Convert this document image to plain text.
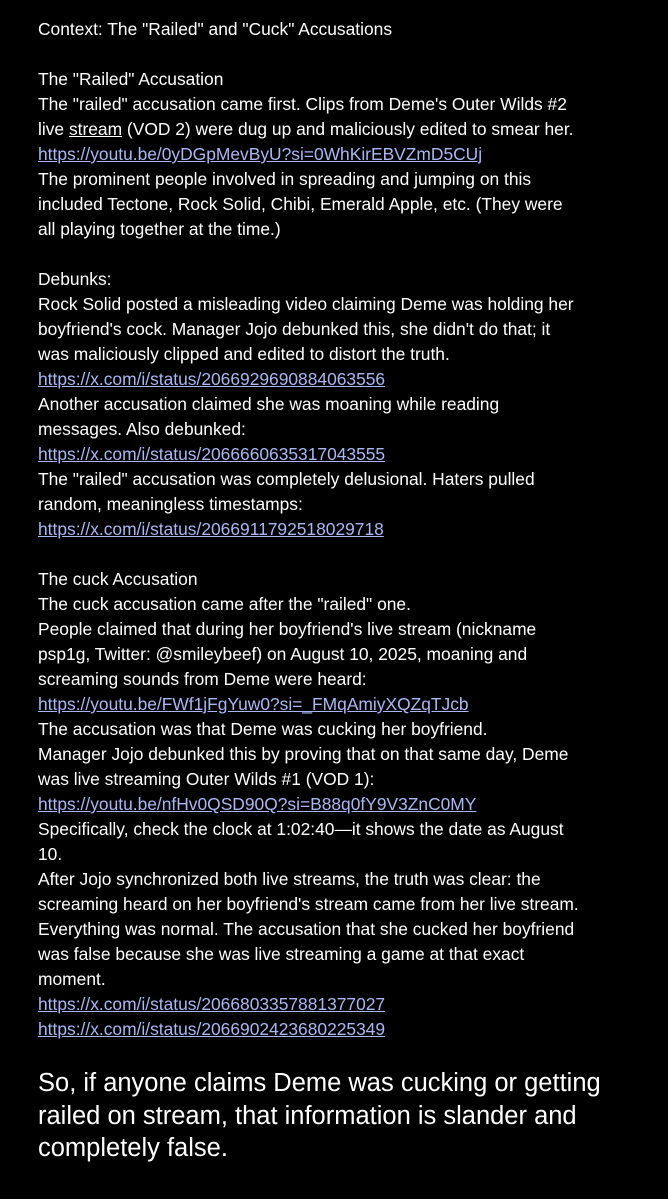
Context: The "Railed" and "Cuck" Accusations
The "Railed" Accusation
The "railed" accusation came first. Clips from Deme's Outer Wilds #2
live stream (VOD 2) were dug up and maliciously edited to smear her.
https://youtu.be/0yDGpMevByU?si=0WhKirEBVZmD5CUj
The prominent people involved in spreading and jumping on this
included Tectone, Rock Solid, Chibi, Emerald Apple, etc. (They were
all playing together at the time.)
Debunks:
Rock Solid posted a misleading video claiming Deme was holding her
boyfriend's cock. Manager Jojo debunked this, she didn't do that; it
was maliciously clipped and edited to distort the truth.
https://x.com/i/status/2066929690884063556
Another accusation claimed she was moaning while reading
messages. Also debunked:
https://x.com/i/status/2066660635317043555
The "railed" accusation was completely delusional. Haters pulled
random, meaningless timestamps:
https://x.com/i/status/2066911792518029718
The cuck Accusation
The cuck accusation came after the "railed" one.
People claimed that during her boyfriend's live stream (nickname
psp1g, Twitter: @smileybeef) on August 10, 2025, moaning and
screaming sounds from Deme were heard:
https://youtu.be/FWf1jFgYuw0?si=_FMqAmiyXQZqTJcb
The accusation was that Deme was cucking her boyfriend.
Manager Jojo debunked this by proving that on that same day, Deme
was live streaming Outer Wilds #1 (VOD 1):
https://youtu.be/nfHv0QSD90Q?si=B88q0fY9V3ZnC0MY
Specifically, check the clock at 1:02:40—it shows the date as August
10.
After Jojo synchronized both live streams, the truth was clear: the
screaming heard on her boyfriend's stream came from her live stream.
Everything was normal. The accusation that she cucked her boyfriend
was false because she was live streaming a game at that exact
moment.
https://x.com/i/status/2066803357881377027
https://x.com/i/status/2066902423680225349
So, if anyone claims Deme was cucking or getting
railed on stream, that information is slander and
completely false.
